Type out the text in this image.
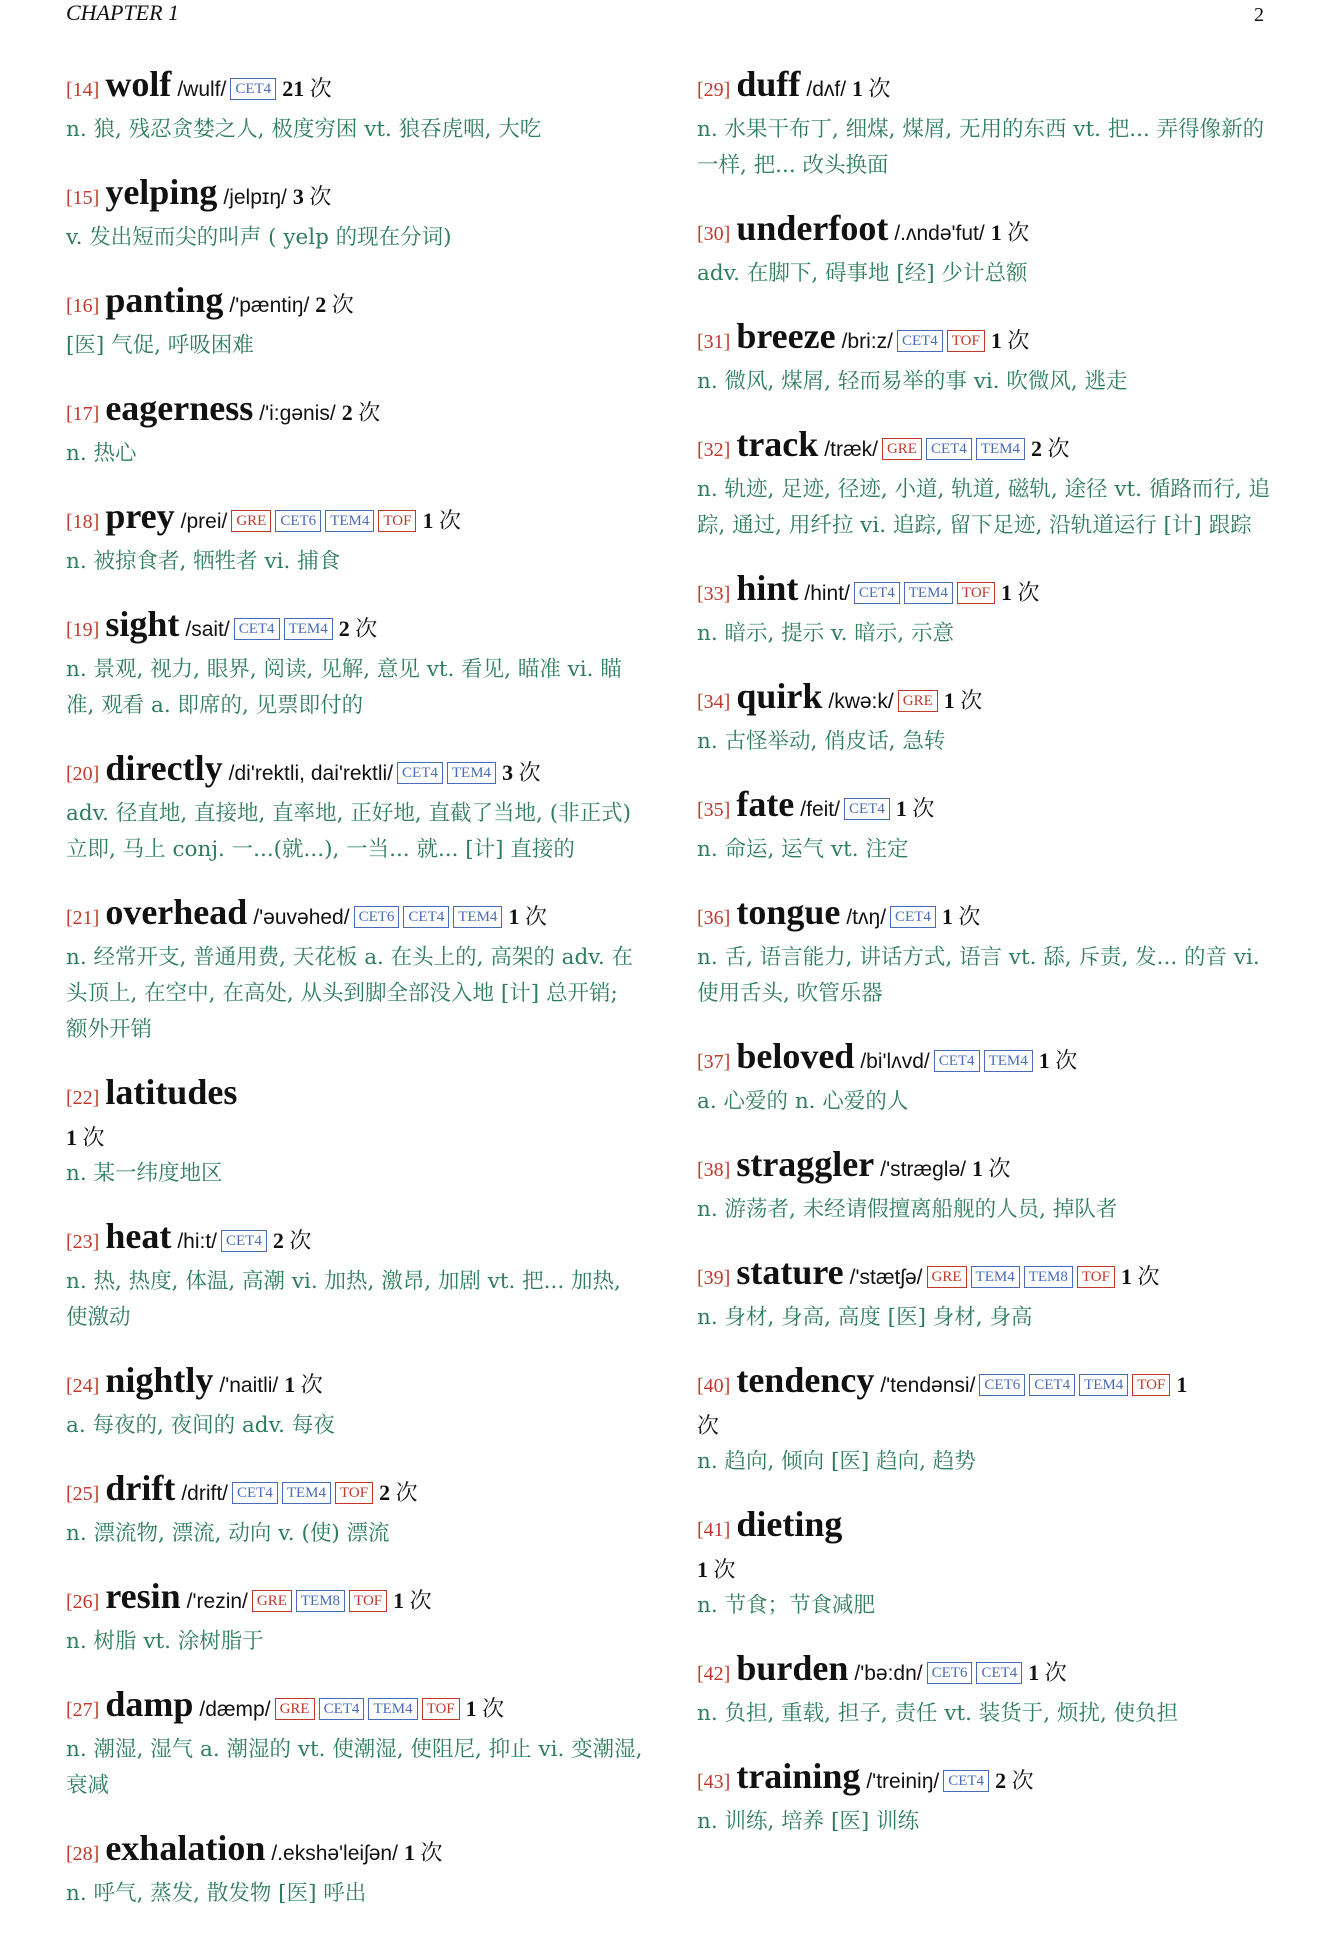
CHAPTER 1	2
[14] wolf /wulf/ CET4 21 次
n. 狼, 残忍贪婪之人, 极度穷困 vt. 狼吞虎咽, 大吃
[15] yelping /jelpɪŋ/ 3 次
v. 发出短而尖的叫声 ( yelp 的现在分词)
[16] panting /'pæntiŋ/ 2 次
[医] 气促, 呼吸困难
[17] eagerness /'i:gənis/ 2 次
n. 热心
[18] prey /prei/ GRE CET6 TEM4 TOF 1 次
n. 被掠食者, 牺牲者 vi. 捕食
[19] sight /sait/ CET4 TEM4 2 次
n. 景观, 视力, 眼界, 阅读, 见解, 意见 vt. 看见, 瞄准 vi. 瞄准, 观看 a. 即席的, 见票即付的
[20] directly /di'rektli, dai'rektli/ CET4 TEM4 3 次
adv. 径直地, 直接地, 直率地, 正好地, 直截了当地, (非正式) 立即, 马上 conj. 一...(就...), 一当... 就... [计] 直接的
[21] overhead /'əuvəhed/ CET6 CET4 TEM4 1 次
n. 经常开支, 普通用费, 天花板 a. 在头上的, 高架的 adv. 在头顶上, 在空中, 在高处, 从头到脚全部没入地 [计] 总开销; 额外开销
[22] latitudes
1 次
n. 某一纬度地区
[23] heat /hi:t/ CET4 2 次
n. 热, 热度, 体温, 高潮 vi. 加热, 激昂, 加剧 vt. 把... 加热, 使激动
[24] nightly /'naitli/ 1 次
a. 每夜的, 夜间的 adv. 每夜
[25] drift /drift/ CET4 TEM4 TOF 2 次
n. 漂流物, 漂流, 动向 v. (使) 漂流
[26] resin /'rezin/ GRE TEM8 TOF 1 次
n. 树脂 vt. 涂树脂于
[27] damp /dæmp/ GRE CET4 TEM4 TOF 1 次
n. 潮湿, 湿气 a. 潮湿的 vt. 使潮湿, 使阻尼, 抑止 vi. 变潮湿, 衰减
[28] exhalation /.ekshə'leiʃən/ 1 次
n. 呼气, 蒸发, 散发物 [医] 呼出
[29] duff /dʌf/ 1 次
n. 水果干布丁, 细煤, 煤屑, 无用的东西 vt. 把... 弄得像新的一样, 把... 改头换面
[30] underfoot /.ʌndə'fut/ 1 次
adv. 在脚下, 碍事地 [经] 少计总额
[31] breeze /bri:z/ CET4 TOF 1 次
n. 微风, 煤屑, 轻而易举的事 vi. 吹微风, 逃走
[32] track /træk/ GRE CET4 TEM4 2 次
n. 轨迹, 足迹, 径迹, 小道, 轨道, 磁轨, 途径 vt. 循路而行, 追踪, 通过, 用纤拉 vi. 追踪, 留下足迹, 沿轨道运行 [计] 跟踪
[33] hint /hint/ CET4 TEM4 TOF 1 次
n. 暗示, 提示 v. 暗示, 示意
[34] quirk /kwə:k/ GRE 1 次
n. 古怪举动, 俏皮话, 急转
[35] fate /feit/ CET4 1 次
n. 命运, 运气 vt. 注定
[36] tongue /tʌŋ/ CET4 1 次
n. 舌, 语言能力, 讲话方式, 语言 vt. 舔, 斥责, 发... 的音 vi. 使用舌头, 吹管乐器
[37] beloved /bi'lʌvd/ CET4 TEM4 1 次
a. 心爱的 n. 心爱的人
[38] straggler /'stræglə/ 1 次
n. 游荡者, 未经请假擅离船舰的人员, 掉队者
[39] stature /'stætʃə/ GRE TEM4 TEM8 TOF 1 次
n. 身材, 身高, 高度 [医] 身材, 身高
[40] tendency /'tendənsi/ CET6 CET4 TEM4 TOF 1
次
n. 趋向, 倾向 [医] 趋向, 趋势
[41] dieting
1 次
n. 节食；节食减肥
[42] burden /'bə:dn/ CET6 CET4 1 次
n. 负担, 重载, 担子, 责任 vt. 装货于, 烦扰, 使负担
[43] training /'treiniŋ/ CET4 2 次
n. 训练, 培养 [医] 训练
